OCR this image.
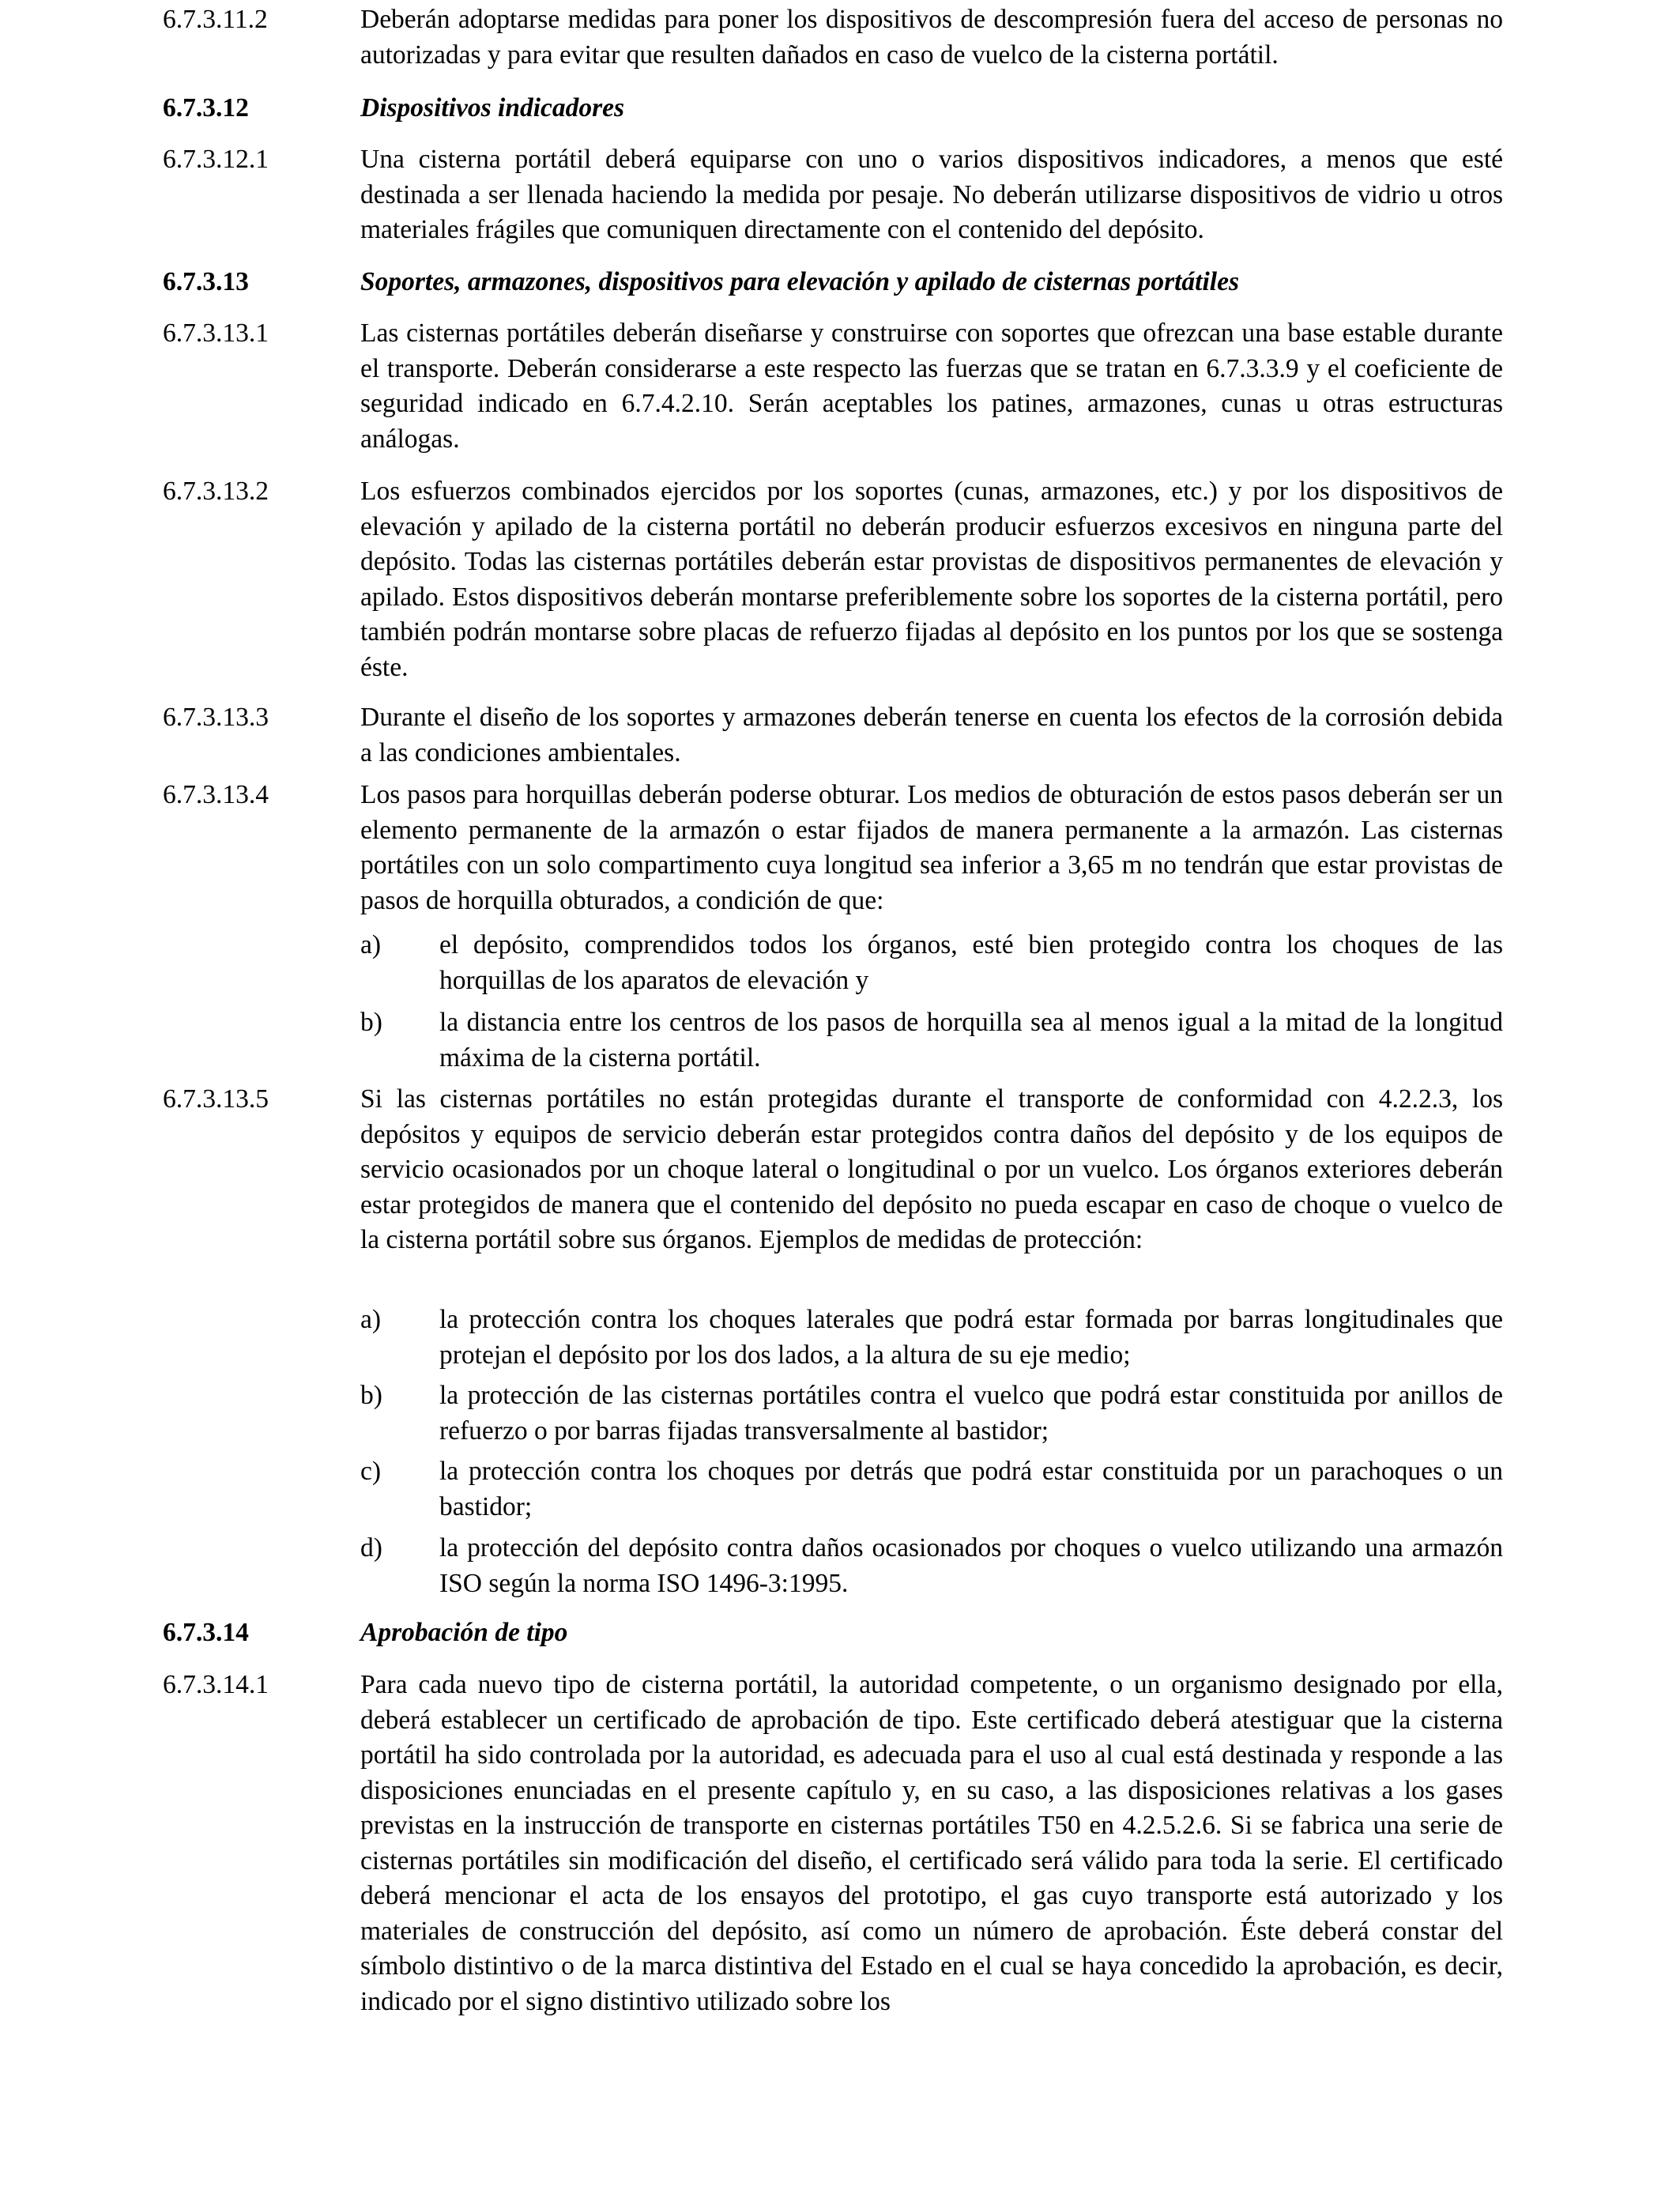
6.7.3.11.2	Deberán adoptarse medidas para poner los dispositivos de descompresión fuera del acceso de personas no autorizadas y para evitar que resulten dañados en caso de vuelco de la cisterna portátil.
6.7.3.12	Dispositivos indicadores
6.7.3.12.1	Una cisterna portátil deberá equiparse con uno o varios dispositivos indicadores, a menos que esté destinada a ser llenada haciendo la medida por pesaje. No deberán utilizarse dispositivos de vidrio u otros materiales frágiles que comuniquen directamente con el contenido del depósito.
6.7.3.13	Soportes, armazones, dispositivos para elevación y apilado de cisternas portátiles
6.7.3.13.1	Las cisternas portátiles deberán diseñarse y construirse con soportes que ofrezcan una base estable durante el transporte. Deberán considerarse a este respecto las fuerzas que se tratan en 6.7.3.3.9 y el coeficiente de seguridad indicado en 6.7.4.2.10. Serán aceptables los patines, armazones, cunas u otras estructuras análogas.
6.7.3.13.2	Los esfuerzos combinados ejercidos por los soportes (cunas, armazones, etc.) y por los dispositivos de elevación y apilado de la cisterna portátil no deberán producir esfuerzos excesivos en ninguna parte del depósito. Todas las cisternas portátiles deberán estar provistas de dispositivos permanentes de elevación y apilado. Estos dispositivos deberán montarse preferiblemente sobre los soportes de la cisterna portátil, pero también podrán montarse sobre placas de refuerzo fijadas al depósito en los puntos por los que se sostenga éste.
6.7.3.13.3	Durante el diseño de los soportes y armazones deberán tenerse en cuenta los efectos de la corrosión debida a las condiciones ambientales.
6.7.3.13.4	Los pasos para horquillas deberán poderse obturar. Los medios de obturación de estos pasos deberán ser un elemento permanente de la armazón o estar fijados de manera permanente a la armazón. Las cisternas portátiles con un solo compartimento cuya longitud sea inferior a 3,65 m no tendrán que estar provistas de pasos de horquilla obturados, a condición de que:
a) el depósito, comprendidos todos los órganos, esté bien protegido contra los choques de las horquillas de los aparatos de elevación y
b) la distancia entre los centros de los pasos de horquilla sea al menos igual a la mitad de la longitud máxima de la cisterna portátil.
6.7.3.13.5	Si las cisternas portátiles no están protegidas durante el transporte de conformidad con 4.2.2.3, los depósitos y equipos de servicio deberán estar protegidos contra daños del depósito y de los equipos de servicio ocasionados por un choque lateral o longitudinal o por un vuelco. Los órganos exteriores deberán estar protegidos de manera que el contenido del depósito no pueda escapar en caso de choque o vuelco de la cisterna portátil sobre sus órganos. Ejemplos de medidas de protección:
a) la protección contra los choques laterales que podrá estar formada por barras longitudinales que protejan el depósito por los dos lados, a la altura de su eje medio;
b) la protección de las cisternas portátiles contra el vuelco que podrá estar constituida por anillos de refuerzo o por barras fijadas transversalmente al bastidor;
c) la protección contra los choques por detrás que podrá estar constituida por un parachoques o un bastidor;
d) la protección del depósito contra daños ocasionados por choques o vuelco utilizando una armazón ISO según la norma ISO 1496-3:1995.
6.7.3.14	Aprobación de tipo
6.7.3.14.1	Para cada nuevo tipo de cisterna portátil, la autoridad competente, o un organismo designado por ella, deberá establecer un certificado de aprobación de tipo. Este certificado deberá atestiguar que la cisterna portátil ha sido controlada por la autoridad, es adecuada para el uso al cual está destinada y responde a las disposiciones enunciadas en el presente capítulo y, en su caso, a las disposiciones relativas a los gases previstas en la instrucción de transporte en cisternas portátiles T50 en 4.2.5.2.6. Si se fabrica una serie de cisternas portátiles sin modificación del diseño, el certificado será válido para toda la serie. El certificado deberá mencionar el acta de los ensayos del prototipo, el gas cuyo transporte está autorizado y los materiales de construcción del depósito, así como un número de aprobación. Éste deberá constar del símbolo distintivo o de la marca distintiva del Estado en el cual se haya concedido la aprobación, es decir, indicado por el signo distintivo utilizado sobre los
